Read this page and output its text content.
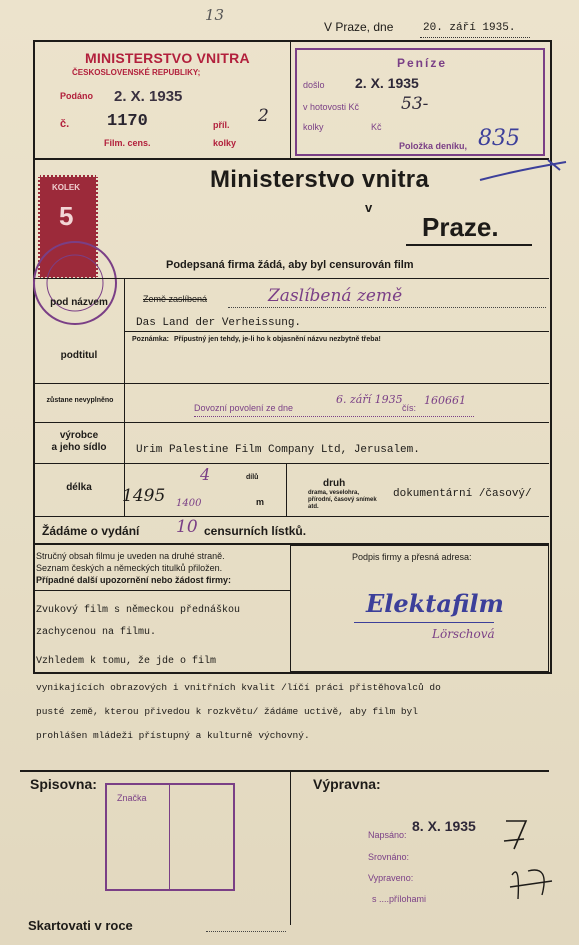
13
V Praze, dne	20. září 1935.
MINISTERSTVO VNITRA
ČESKOSLOVENSKÉ REPUBLIKY;
Podáno 2. X. 1935
č. 1170	příl. 2
Film. cens.	kolky
Peníze
došlo 2. X. 1935
v hotovosti Kč 53-
kolky	Kč
Položka deníku, 835
Ministerstvo vnitra
v
Praze.
KOLEK
5
Podepsaná firma žádá, aby byl censurován film
pod názvem	Země zaslíbená	Zaslíbená země
Das Land der Verheissung.
podtitul
Poznámka: Přípustný jen tehdy, je-li ho k objasnění názvu nezbytně třeba!
zůstane nevyplněno
Dovozní povolení ze dne
6. září 1935
čís:
160661
výrobce
a jeho sídlo	Urim Palestine Film Company Ltd, Jerusalem.
délka
4	dílů
1495 1400	m
druh
drama, veselohra, přírodní, časový snímek atd.
dokumentární /časový/
Žádáme o vydání 10 censurních lístků.
Stručný obsah filmu je uveden na druhé straně.
Seznam českých a německých titulků přiložen.
Případné další upozornění nebo žádost firmy:
Zvukový film s německou přednáškou
zachycenou na filmu.
Vzhledem k tomu, že jde o film
vynikajících obrazových i vnitřních kvalit /líčí práci přistěhovalců do
pusté země, kterou přivedou k rozkvětu/ žádáme uctivě, aby film byl
prohlášen mládeži přístupný a kulturně výchovný.
Podpis firmy a přesná adresa:
Elektafilm
Lörschová
Spisovna:
Značka
Výpravna:
Napsáno:
8. X. 1935
Srovnáno:
Vypraveno:
s ....přílohami
Skartovati v roce
